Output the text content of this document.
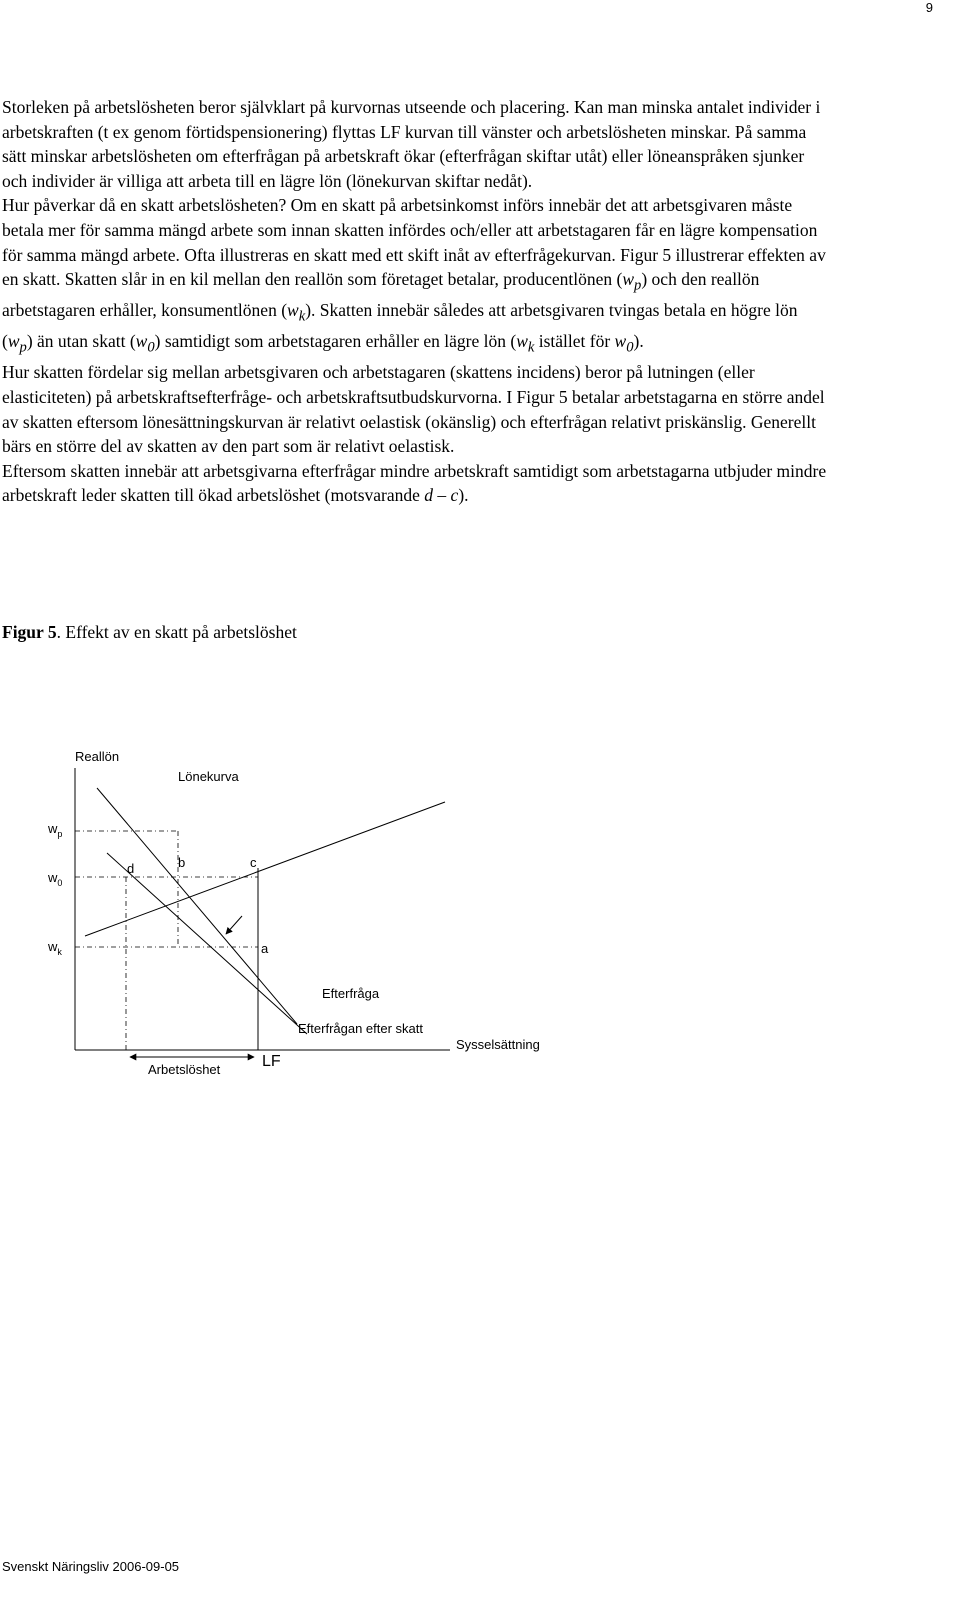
9

Storleken på arbetslösheten beror självklart på kurvornas utseende och placering. Kan man minska antalet individer i arbetskraften (t ex genom förtidspensionering) flyttas LF kurvan till vänster och arbetslösheten minskar. På samma sätt minskar arbetslösheten om efterfrågan på arbetskraft ökar (efterfrågan skiftar utåt) eller löneanspråken sjunker och individer är villiga att arbeta till en lägre lön (lönekurvan skiftar nedåt).

Hur påverkar då en skatt arbetslösheten? Om en skatt på arbetsinkomst införs innebär det att arbetsgivaren måste betala mer för samma mängd arbete som innan skatten infördes och/eller att arbetstagaren får en lägre kompensation för samma mängd arbete. Ofta illustreras en skatt med ett skift inåt av efterfrågekurvan. Figur 5 illustrerar effekten av en skatt. Skatten slår in en kil mellan den reallön som företaget betalar, producentlönen $(w_p)$ och den reallön arbetstagaren erhåller, konsumentlönen $(w_k)$. Skatten innebär således att arbetsgivaren tvingas betala en högre lön $(w_p)$ än utan skatt $(w_0)$ samtidigt som arbetstagaren erhåller en lägre lön ($w_k$ istället för $w_0$).

Hur skatten fördelar sig mellan arbetsgivaren och arbetstagaren (skattens incidens) beror på lutningen (eller elasticiteten) på arbetskraftsefterfråge- och arbetskraftsutbudskurvorna. I Figur 5 betalar arbetstagarna en större andel av skatten eftersom lönesättningskurvan är relativt oelastisk (okänslig) och efterfrågan relativt priskänslig. Generellt bärs en större del av skatten av den part som är relativt oelastisk.

Eftersom skatten innebär att arbetsgivarna efterfrågar mindre arbetskraft samtidigt som arbetstagarna utbjuder mindre arbetskraft leder skatten till ökad arbetslöshet (motsvarande d – c).

Figur 5. Effekt av en skatt på arbetslöshet
Reallön
Lönekurva
Efterfråga
Efterfrågan efter skatt
Sysselsättning
Arbetslöshet	LF
$w_p$
$w_0$
$w_k$
d	b	c
a
Svenskt Näringsliv 2006-09-05
